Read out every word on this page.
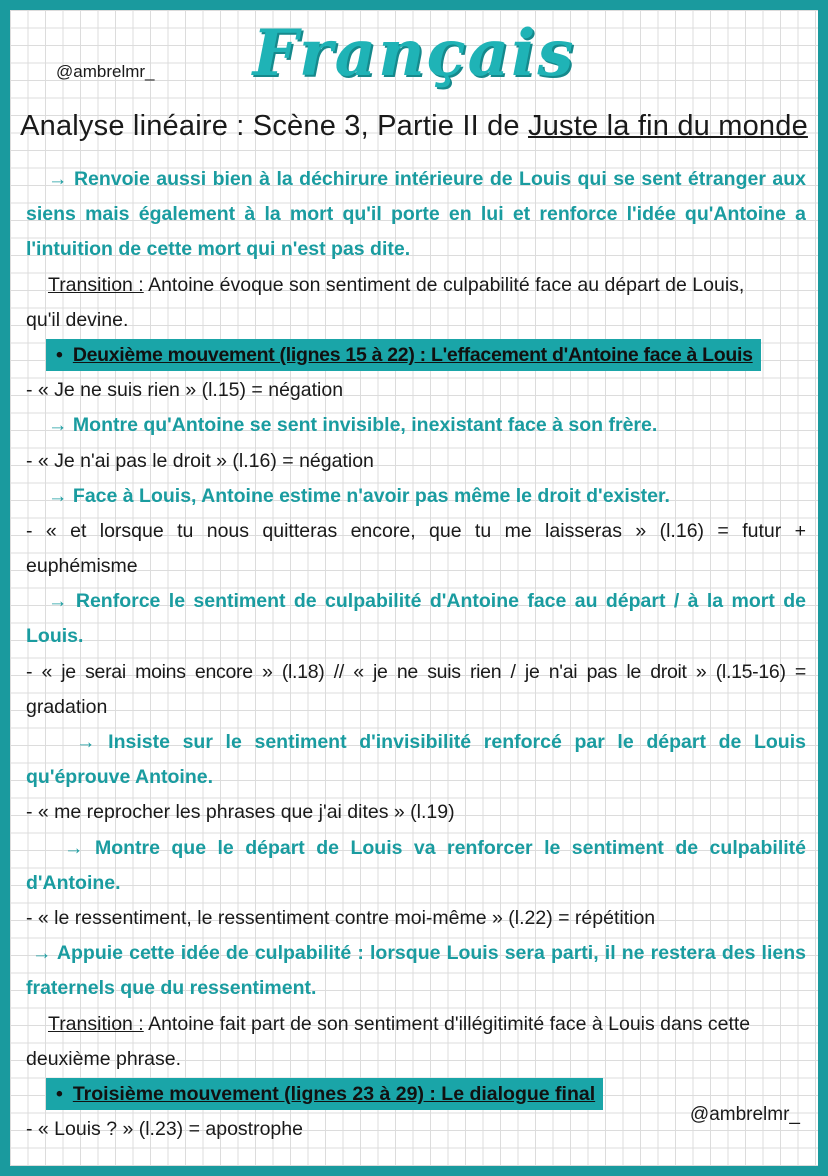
@ambrelmr_	Français
Analyse linéaire : Scène 3, Partie II de Juste la fin du monde
→ Renvoie aussi bien à la déchirure intérieure de Louis qui se sent étranger aux
siens mais également à la mort qu'il porte en lui et renforce l'idée qu'Antoine a
l'intuition de cette mort qui n'est pas dite.
Transition : Antoine évoque son sentiment de culpabilité face au départ de Louis,
qu'il devine.
• Deuxième mouvement (lignes 15 à 22) : L'effacement d'Antoine face à Louis
- « Je ne suis rien » (l.15) = négation
→ Montre qu'Antoine se sent invisible, inexistant face à son frère.
- « Je n'ai pas le droit » (l.16) = négation
→ Face à Louis, Antoine estime n'avoir pas même le droit d'exister.
- « et lorsque tu nous quitteras encore, que tu me laisseras » (l.16) = futur +
euphémisme
→ Renforce le sentiment de culpabilité d'Antoine face au départ / à la mort de
Louis.
- « je serai moins encore » (l.18) // « je ne suis rien / je n'ai pas le droit » (l.15-16) =
gradation
→ Insiste sur le sentiment d'invisibilité renforcé par le départ de Louis
qu'éprouve Antoine.
- « me reprocher les phrases que j'ai dites » (l.19)
→ Montre que le départ de Louis va renforcer le sentiment de culpabilité
d'Antoine.
- « le ressentiment, le ressentiment contre moi-même » (l.22) = répétition
→ Appuie cette idée de culpabilité : lorsque Louis sera parti, il ne restera des liens
fraternels que du ressentiment.
Transition : Antoine fait part de son sentiment d'illégitimité face à Louis dans cette
deuxième phrase.
• Troisième mouvement (lignes 23 à 29) : Le dialogue final
- « Louis ? » (l.23) = apostrophe
@ambrelmr_
